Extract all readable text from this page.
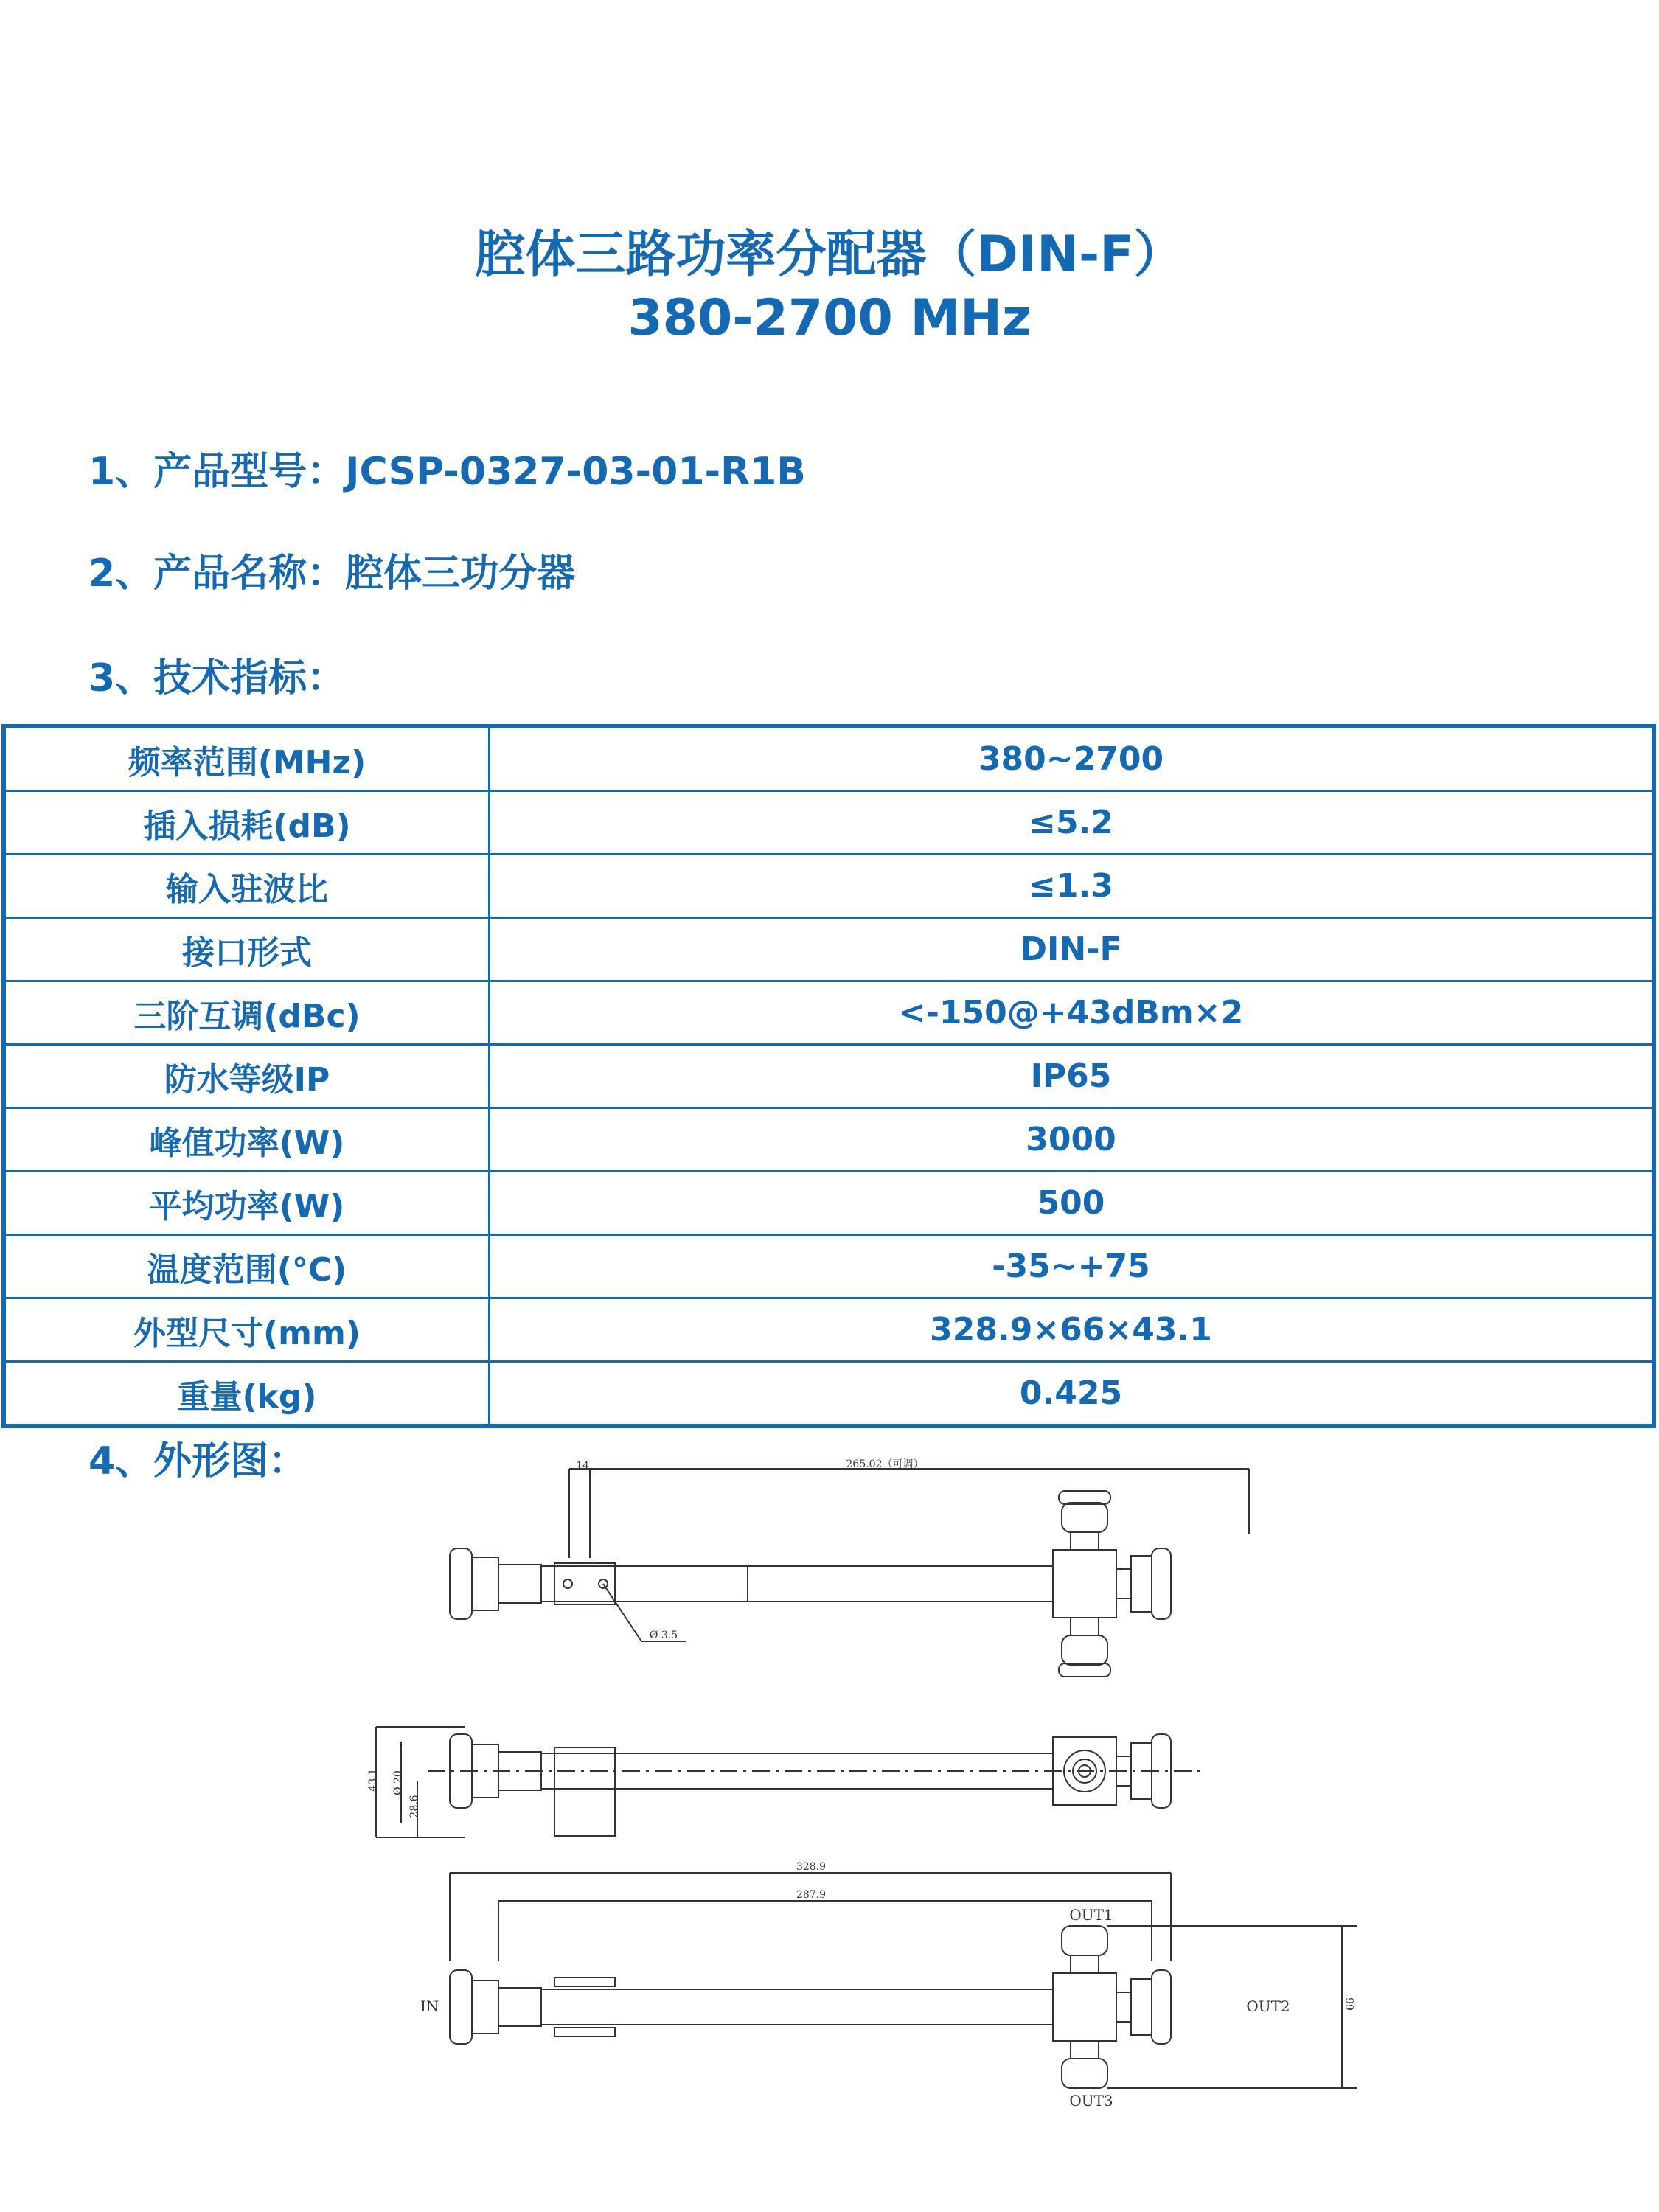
腔体三路功率分配器（DIN-F）
380-2700 MHz
1、产品型号：JCSP-0327-03-01-R1B
2、产品名称：腔体三功分器
3、技术指标：
频率范围(MHz)	380~2700
插入损耗(dB)	≤5.2
输入驻波比	≤1.3
接口形式	DIN-F
三阶互调(dBc)	<-150@+43dBm×2
防水等级IP	IP65
峰值功率(W)	3000
平均功率(W)	500
温度范围(°C)	-35~+75
外型尺寸(mm)	328.9×66×43.1
重量(kg)	0.425
4、外形图：	14	265.02（可调）
Ø 3.5
43.1 Ø 20
28.6
328.9
287.9
66
IN
OUT1
OUT2
OUT3
